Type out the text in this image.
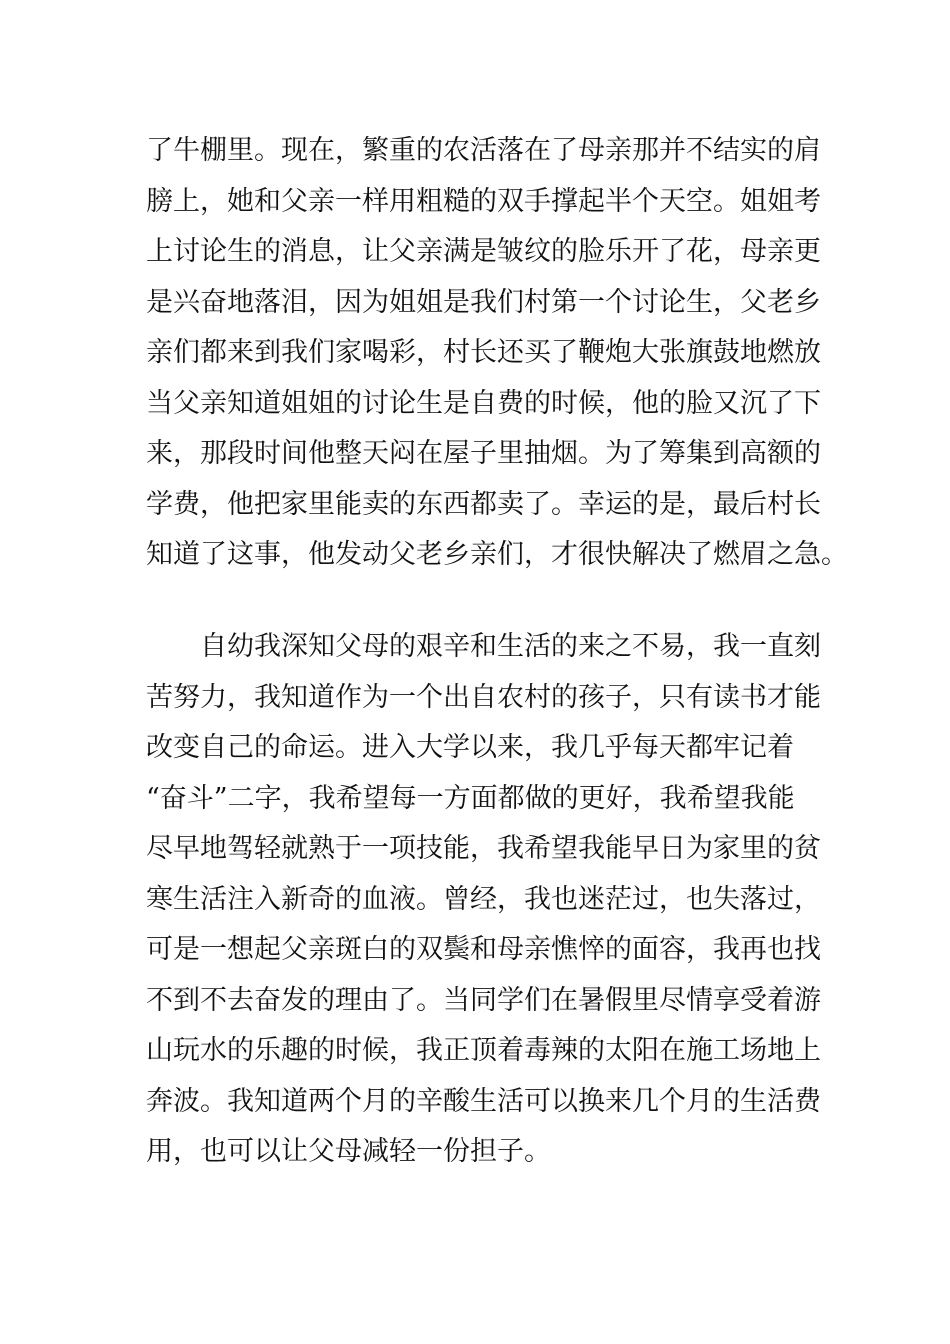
了牛棚里。现在，繁重的农活落在了母亲那并不结实的肩
膀上，她和父亲一样用粗糙的双手撑起半个天空。姐姐考
上讨论生的消息，让父亲满是皱纹的脸乐开了花，母亲更
是兴奋地落泪，因为姐姐是我们村第一个讨论生，父老乡
亲们都来到我们家喝彩，村长还买了鞭炮大张旗鼓地燃放
当父亲知道姐姐的讨论生是自费的时候，他的脸又沉了下
来，那段时间他整天闷在屋子里抽烟。为了筹集到高额的
学费，他把家里能卖的东西都卖了。幸运的是，最后村长
知道了这事，他发动父老乡亲们，才很快解决了燃眉之急。
自幼我深知父母的艰辛和生活的来之不易，我一直刻
苦努力，我知道作为一个出自农村的孩子，只有读书才能
改变自己的命运。进入大学以来，我几乎每天都牢记着
“奋斗”二字，我希望每一方面都做的更好，我希望我能
尽早地驾轻就熟于一项技能，我希望我能早日为家里的贫
寒生活注入新奇的血液。曾经，我也迷茫过，也失落过，
可是一想起父亲斑白的双鬓和母亲憔悴的面容，我再也找
不到不去奋发的理由了。当同学们在暑假里尽情享受着游
山玩水的乐趣的时候，我正顶着毒辣的太阳在施工场地上
奔波。我知道两个月的辛酸生活可以换来几个月的生活费
用，也可以让父母减轻一份担子。
